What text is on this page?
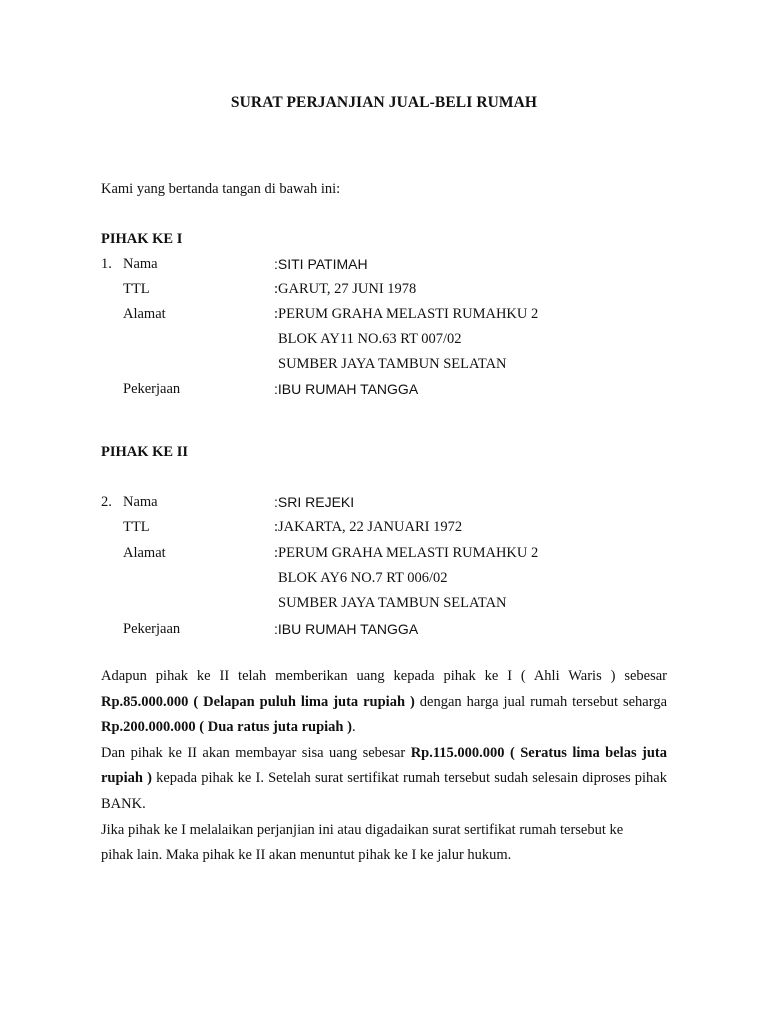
SURAT PERJANJIAN JUAL-BELI RUMAH
Kami yang bertanda tangan di bawah ini:
PIHAK KE I
1. Nama	:SITI PATIMAH
TTL	:GARUT, 27 JUNI 1978
Alamat	:PERUM GRAHA MELASTI RUMAHKU 2
BLOK AY11 NO.63 RT 007/02
SUMBER JAYA TAMBUN SELATAN
Pekerjaan	:IBU RUMAH TANGGA
PIHAK KE II
2. Nama	:SRI REJEKI
TTL	:JAKARTA, 22 JANUARI 1972
Alamat	:PERUM GRAHA MELASTI RUMAHKU 2
BLOK AY6 NO.7 RT 006/02
SUMBER JAYA TAMBUN SELATAN
Pekerjaan	:IBU RUMAH TANGGA

Adapun pihak ke II telah memberikan uang kepada pihak ke I ( Ahli Waris ) sebesar Rp.85.000.000 ( Delapan puluh lima juta rupiah ) dengan harga jual rumah tersebut seharga Rp.200.000.000 ( Dua ratus juta rupiah ).

Dan pihak ke II akan membayar sisa uang sebesar Rp.115.000.000 ( Seratus lima belas juta rupiah ) kepada pihak ke I. Setelah surat sertifikat rumah tersebut sudah selesain diproses pihak BANK.

Jika pihak ke I melalaikan perjanjian ini atau digadaikan surat sertifikat rumah tersebut ke
pihak lain. Maka pihak ke II akan menuntut pihak ke I ke jalur hukum.
